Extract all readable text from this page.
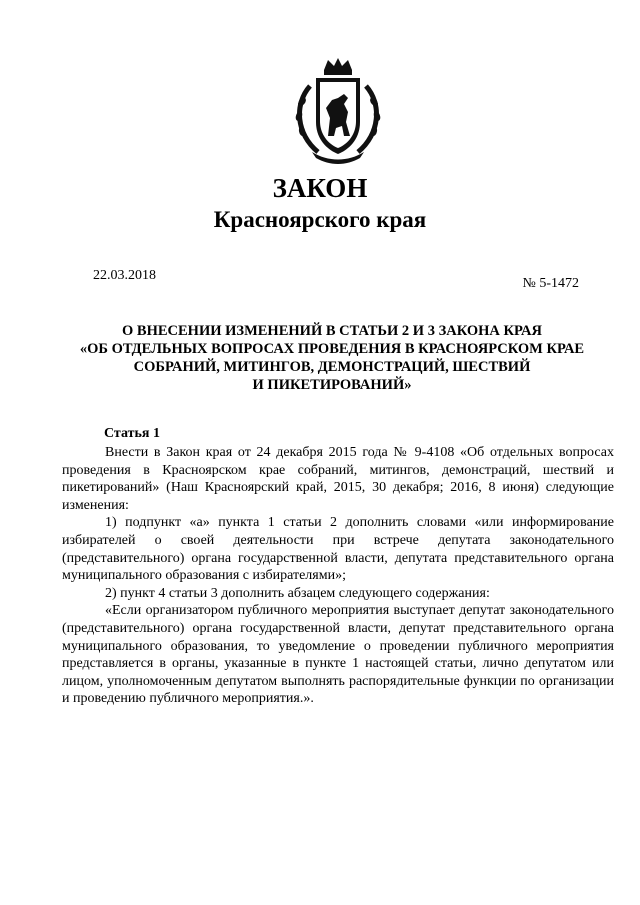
ЗАКОН
Красноярского края
22.03.2018
№ 5-1472
О ВНЕСЕНИИ ИЗМЕНЕНИЙ В СТАТЬИ 2 И 3 ЗАКОНА КРАЯ
«ОБ ОТДЕЛЬНЫХ ВОПРОСАХ ПРОВЕДЕНИЯ В КРАСНОЯРСКОМ КРАЕ
СОБРАНИЙ, МИТИНГОВ, ДЕМОНСТРАЦИЙ, ШЕСТВИЙ
И ПИКЕТИРОВАНИЙ»
Статья 1

Внести в Закон края от 24 декабря 2015 года № 9-4108 «Об отдельных вопросах проведения в Красноярском крае собраний, митингов, демонстраций, шествий и пикетирований» (Наш Красноярский край, 2015, 30 декабря; 2016, 8 июня) следующие изменения:

1) подпункт «а» пункта 1 статьи 2 дополнить словами «или информирование избирателей о своей деятельности при встрече депутата законодательного (представительного) органа государственной власти, депутата представительного органа муниципального образования с избирателями»;

2) пункт 4 статьи 3 дополнить абзацем следующего содержания:

«Если организатором публичного мероприятия выступает депутат законодательного (представительного) органа государственной власти, депутат представительного органа муниципального образования, то уведомление о проведении публичного мероприятия представляется в органы, указанные в пункте 1 настоящей статьи, лично депутатом или лицом, уполномоченным депутатом выполнять распорядительные функции по организации и проведению публичного мероприятия.».
